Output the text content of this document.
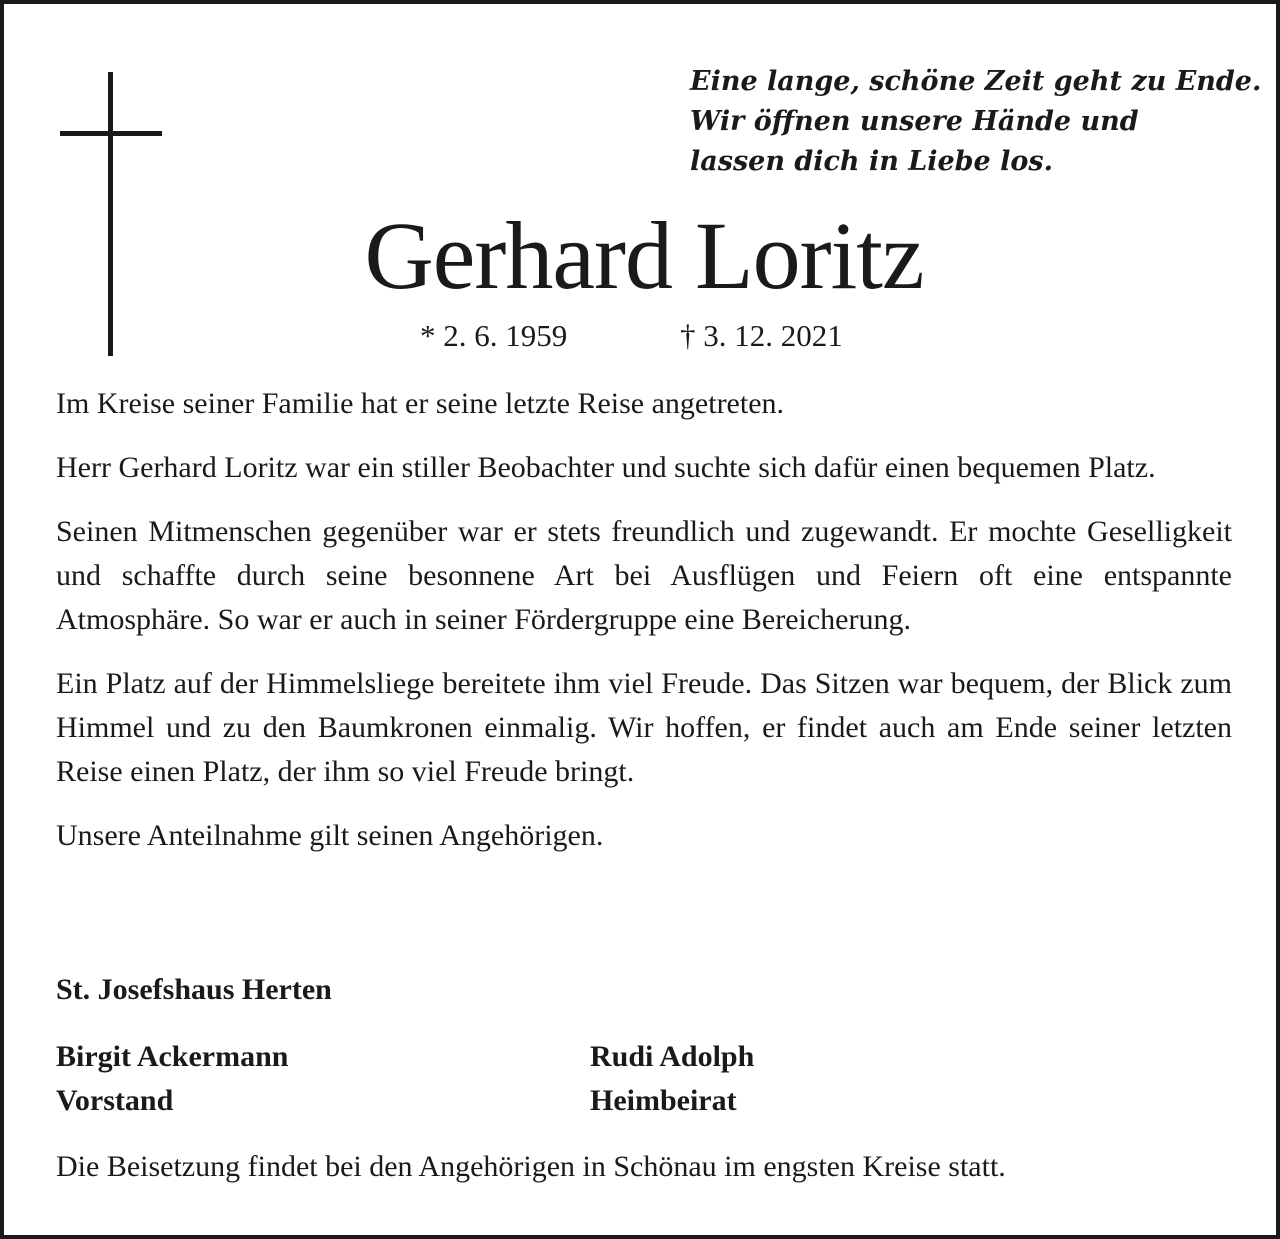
Eine lange, schöne Zeit geht zu Ende.
Wir öffnen unsere Hände und
lassen dich in Liebe los.

Gerhard Loritz
* 2. 6. 1959	† 3. 12. 2021

Im Kreise seiner Familie hat er seine letzte Reise angetreten.

Herr Gerhard Loritz war ein stiller Beobachter und suchte sich dafür einen bequemen Platz.

Seinen Mitmenschen gegenüber war er stets freundlich und zugewandt. Er mochte Geselligkeit und schaffte durch seine besonnene Art bei Ausflügen und Feiern oft eine entspannte Atmosphäre. So war er auch in seiner Fördergruppe eine Bereicherung.

Ein Platz auf der Himmelsliege bereitete ihm viel Freude. Das Sitzen war bequem, der Blick zum Himmel und zu den Baumkronen einmalig. Wir hoffen, er findet auch am Ende seiner letzten Reise einen Platz, der ihm so viel Freude bringt.

Unsere Anteilnahme gilt seinen Angehörigen.

St. Josefshaus Herten

Birgit Ackermann
Vorstand
Rudi Adolph
Heimbeirat

Die Beisetzung findet bei den Angehörigen in Schönau im engsten Kreise statt.
